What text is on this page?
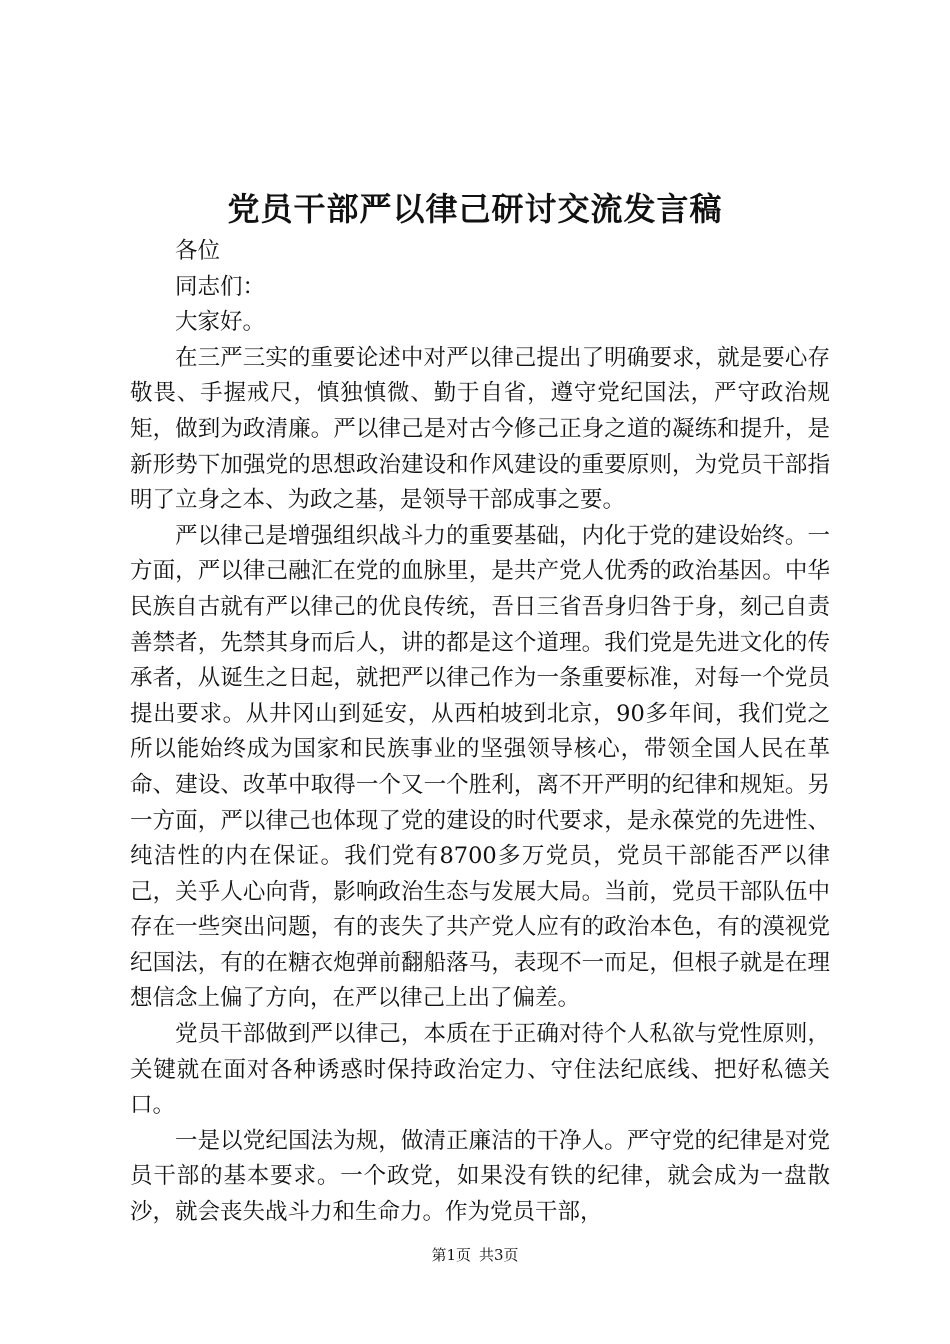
党员干部严以律己研讨交流发言稿

各位

同志们：

大家好。

在三严三实的重要论述中对严以律己提出了明确要求，就是要心存敬畏、手握戒尺，慎独慎微、勤于自省，遵守党纪国法，严守政治规矩，做到为政清廉。严以律己是对古今修己正身之道的凝练和提升，是新形势下加强党的思想政治建设和作风建设的重要原则，为党员干部指明了立身之本、为政之基，是领导干部成事之要。

严以律己是增强组织战斗力的重要基础，内化于党的建设始终。一方面，严以律己融汇在党的血脉里，是共产党人优秀的政治基因。中华民族自古就有严以律己的优良传统，吾日三省吾身归咎于身，刻己自责善禁者，先禁其身而后人，讲的都是这个道理。我们党是先进文化的传承者，从诞生之日起，就把严以律己作为一条重要标准，对每一个党员提出要求。从井冈山到延安，从西柏坡到北京，90多年间，我们党之所以能始终成为国家和民族事业的坚强领导核心，带领全国人民在革命、建设、改革中取得一个又一个胜利，离不开严明的纪律和规矩。另一方面，严以律己也体现了党的建设的时代要求，是永葆党的先进性、纯洁性的内在保证。我们党有8700多万党员，党员干部能否严以律己，关乎人心向背，影响政治生态与发展大局。当前，党员干部队伍中存在一些突出问题，有的丧失了共产党人应有的政治本色，有的漠视党纪国法，有的在糖衣炮弹前翻船落马，表现不一而足，但根子就是在理想信念上偏了方向，在严以律己上出了偏差。

党员干部做到严以律己，本质在于正确对待个人私欲与党性原则，关键就在面对各种诱惑时保持政治定力、守住法纪底线、把好私德关口。

一是以党纪国法为规，做清正廉洁的干净人。严守党的纪律是对党员干部的基本要求。一个政党，如果没有铁的纪律，就会成为一盘散沙，就会丧失战斗力和生命力。作为党员干部，

第1页 共3页
